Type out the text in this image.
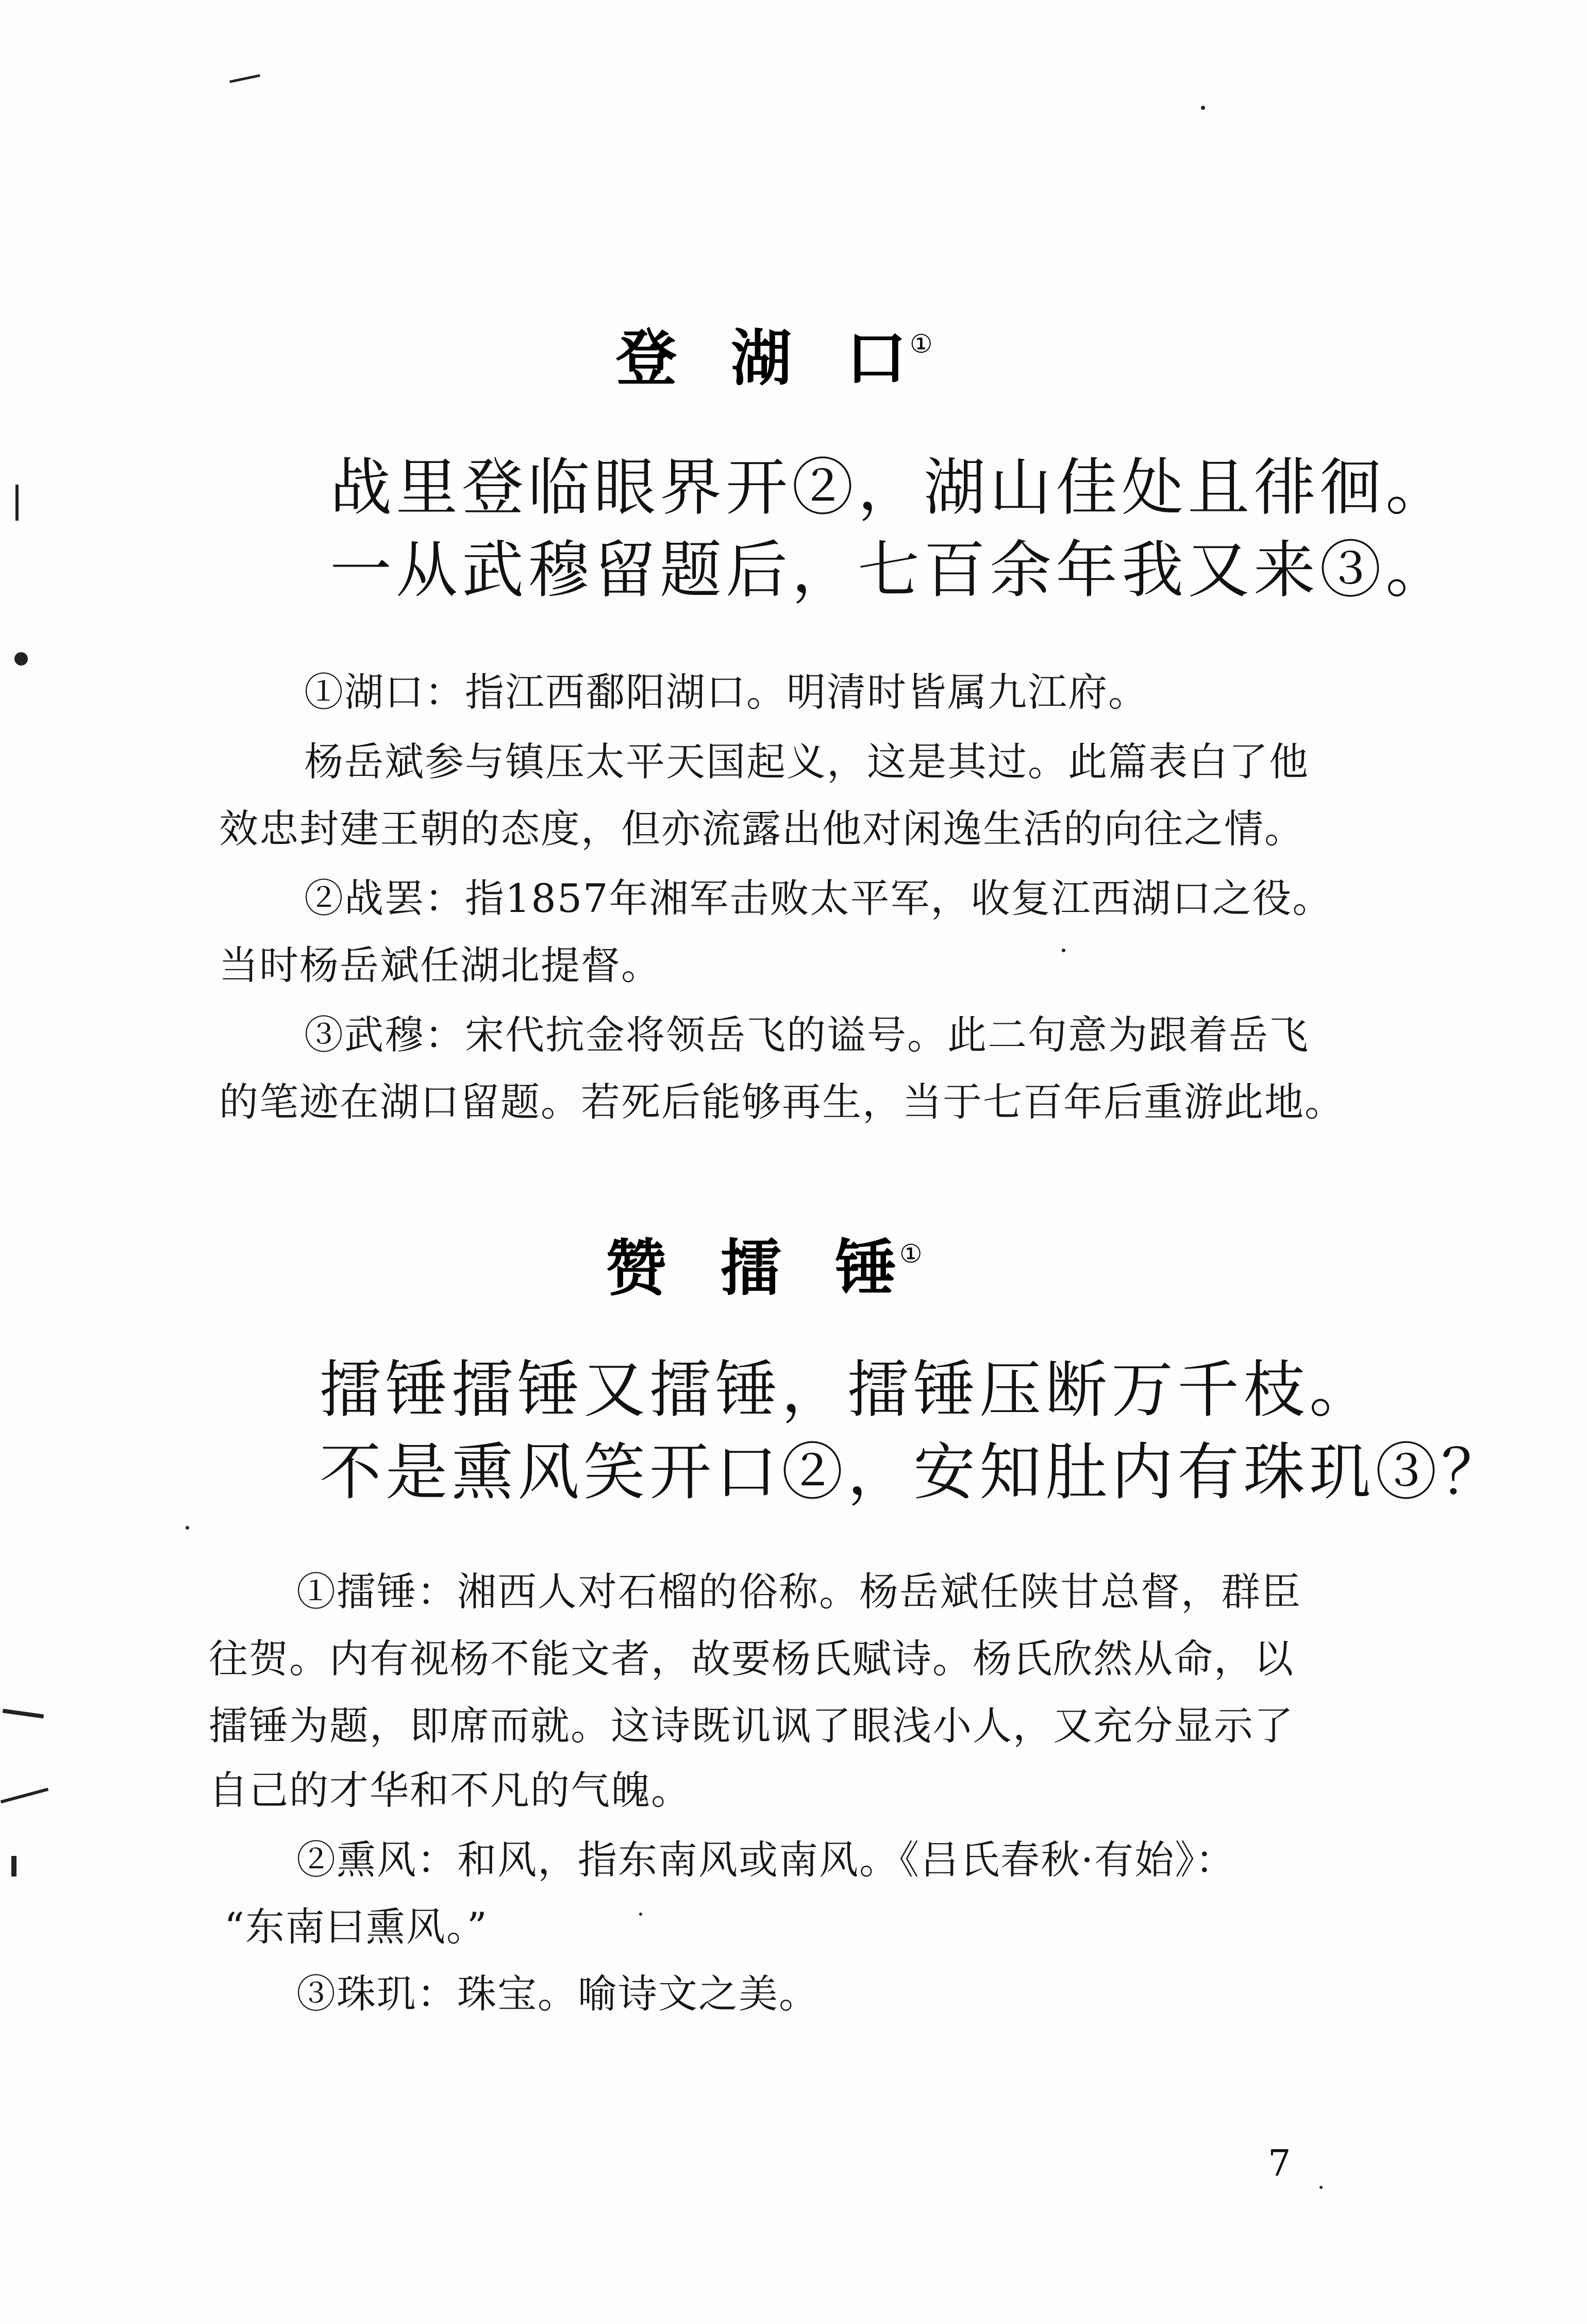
登 湖 口 ①
战里登临眼界开②，湖山佳处且徘徊。
一从武穆留题后，七百余年我又来③。
①湖口：指江西鄱阳湖口。明清时皆属九江府。
杨岳斌参与镇压太平天国起义，这是其过。此篇表白了他
效忠封建王朝的态度，但亦流露出他对闲逸生活的向往之情。
②战罢：指1857年湘军击败太平军，收复江西湖口之役。
当时杨岳斌任湖北提督。
③武穆：宋代抗金将领岳飞的谥号。此二句意为跟着岳飞
的笔迹在湖口留题。若死后能够再生，当于七百年后重游此地。
赞 擂 锤 ①
擂锤擂锤又擂锤，擂锤压断万千枝。
不是熏风笑开口②，安知肚内有珠玑③？
①擂锤：湘西人对石榴的俗称。杨岳斌任陕甘总督，群臣
往贺。内有视杨不能文者，故要杨氏赋诗。杨氏欣然从命，以
擂锤为题，即席而就。这诗既讥讽了眼浅小人，又充分显示了
自己的才华和不凡的气魄。
②熏风：和风，指东南风或南风。《吕氏春秋·有始》：
“东南曰熏风。”
③珠玑：珠宝。喻诗文之美。
7
